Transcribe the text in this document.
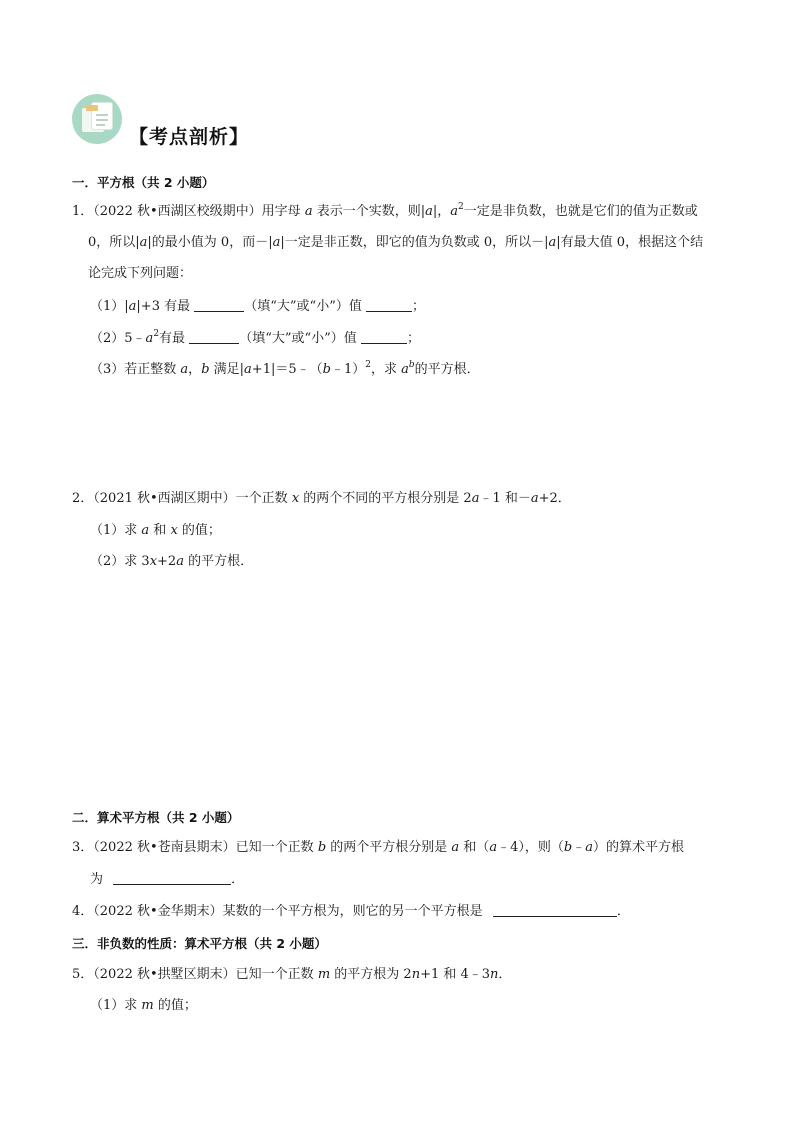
【考点剖析】
一．平方根（共 2 小题）
1．（2022 秋•西湖区校级期中）用字母 a 表示一个实数，则|a|，$a^2$一定是非负数，也就是它们的值为正数或
0，所以|a|的最小值为 0，而－|a|一定是非正数，即它的值为负数或 0，所以－|a|有最大值 0，根据这个结
论完成下列问题：
（1）|a|+3 有最	（填“大”或“小”）值	；
$(2)5﹣a^2$有最	（填“大”或“小”）值	；
（3）若正整数 a，b 满足|a+1|＝5﹣（b﹣1）$^2$，求 $a^b$的平方根．
2．（2021 秋•西湖区期中）一个正数 x 的两个不同的平方根分别是 2a﹣1 和－a+2．
（1）求 a 和 x 的值；
（2）求 3x+2a 的平方根．
二．算术平方根（共 2 小题）
3．（2022 秋•苍南县期末）已知一个正数 b 的两个平方根分别是 a 和（a﹣4），则（b﹣a）的算术平方根
为	．
4．（2022 秋•金华期末）某数的一个平方根为，则它的另一个平方根是	．
三．非负数的性质：算术平方根（共 2 小题）
5．（2022 秋•拱墅区期末）已知一个正数 m 的平方根为 2n+1 和 4﹣3n．
（1）求 m 的值；
